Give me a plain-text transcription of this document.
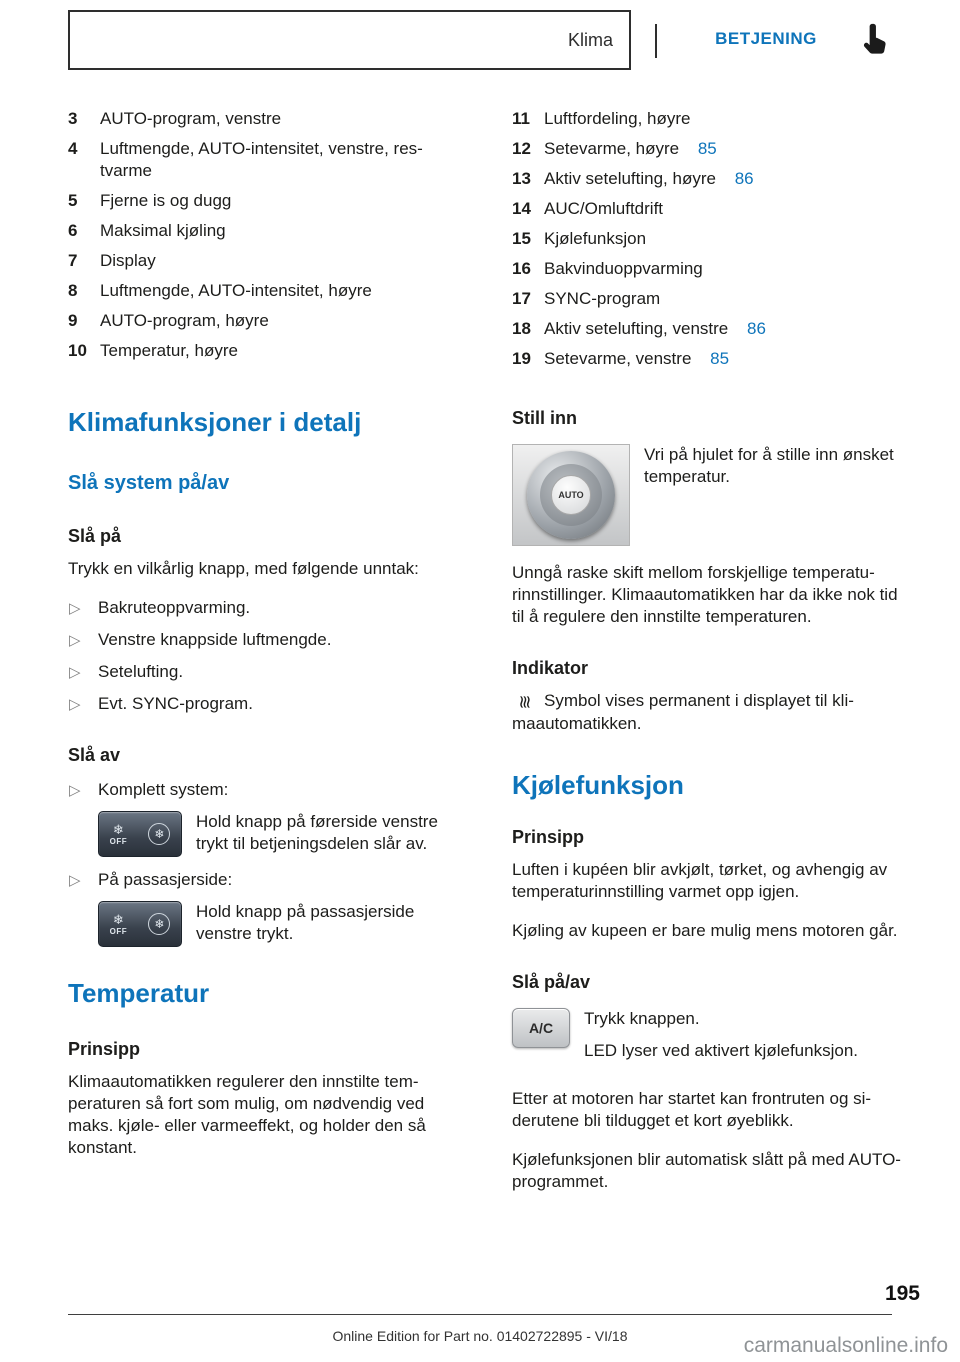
Klima	BETJENING
3 AUTO-program, venstre
4 Luftmengde, AUTO-intensitet, venstre, res-tvarme
5 Fjerne is og dugg
6 Maksimal kjøling
7 Display
8 Luftmengde, AUTO-intensitet, høyre
9 AUTO-program, høyre
10 Temperatur, høyre
Klimafunksjoner i detalj
Slå system på/av
Slå på

Trykk en vilkårlig knapp, med følgende unntak:

▷ Bakruteoppvarming.
▷ Venstre knappside luftmengde.
▷ Setelufting.
▷ Evt. SYNC-program.
Slå av
▷ Komplett system:
❄
OFF ❄

Hold knapp på førerside venstre trykt til betjeningsdelen slår av.

▷ På passasjerside:
❄
OFF ❄

Hold knapp på passasjerside venstre trykt.

Temperatur
Prinsipp

Klimaautomatikken regulerer den innstilte tem-peraturen så fort som mulig, om nødvendig ved maks. kjøle- eller varmeeffekt, og holder den så konstant.

11 Luftfordeling, høyre
12 Setevarme, høyre 85
13 Aktiv setelufting, høyre 86
14 AUC/Omluftdrift
15 Kjølefunksjon
16 Bakvinduoppvarming
17 SYNC-program
18 Aktiv setelufting, venstre 86
19 Setevarme, venstre 85
Still inn
AUTO

Vri på hjulet for å stille inn ønsket temperatur.

Unngå raske skift mellom forskjellige temperatu-rinnstillinger. Klimaautomatikken har da ikke nok tid til å regulere den innstilte temperaturen.

Indikator

≋ Symbol vises permanent i displayet til kli-maautomatikken.

Kjølefunksjon
Prinsipp

Luften i kupéen blir avkjølt, tørket, og avhengig av temperaturinnstilling varmet opp igjen.

Kjøling av kupeen er bare mulig mens motoren går.

Slå på/av
A/C	Trykk knappen.

LED lyser ved aktivert kjølefunksjon.

Etter at motoren har startet kan frontruten og si-derutene bli tildugget et kort øyeblikk.

Kjølefunksjonen blir automatisk slått på med AUTO-programmet.

195
Online Edition for Part no. 01402722895 - VI/18	carmanualsonline.info
